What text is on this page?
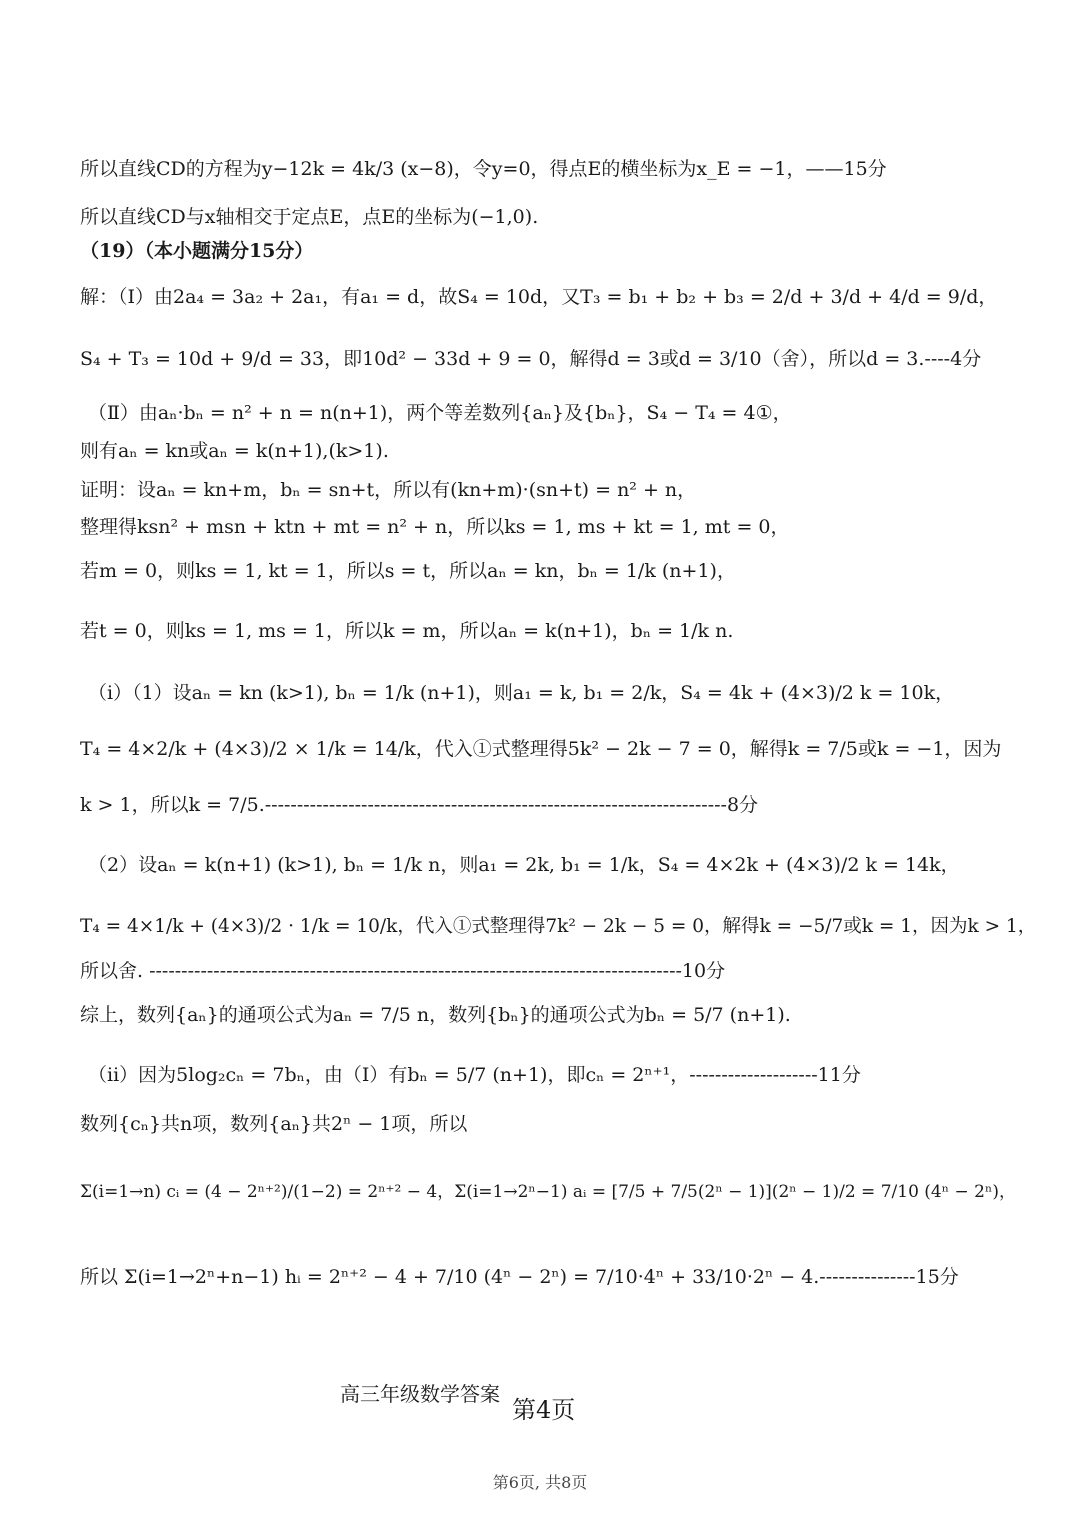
所以直线CD的方程为y−12k = 4k/3 (x−8)，令y=0，得点E的横坐标为x_E = −1，——15分
所以直线CD与x轴相交于定点E，点E的坐标为(−1,0).
（19）（本小题满分15分）
解：（Ⅰ）由2a₄ = 3a₂ + 2a₁，有a₁ = d，故S₄ = 10d，又T₃ = b₁ + b₂ + b₃ = 2/d + 3/d + 4/d = 9/d，
S₄ + T₃ = 10d + 9/d = 33，即10d² − 33d + 9 = 0，解得d = 3或d = 3/10（舍），所以d = 3.----4分
（Ⅱ）由aₙ·bₙ = n² + n = n(n+1)，两个等差数列{aₙ}及{bₙ}，S₄ − T₄ = 4①，
则有aₙ = kn或aₙ = k(n+1),(k>1).
证明：设aₙ = kn+m，bₙ = sn+t，所以有(kn+m)·(sn+t) = n² + n，
整理得ksn² + msn + ktn + mt = n² + n，所以ks = 1, ms + kt = 1, mt = 0，
若m = 0，则ks = 1, kt = 1，所以s = t，所以aₙ = kn，bₙ = 1/k (n+1)，
若t = 0，则ks = 1, ms = 1，所以k = m，所以aₙ = k(n+1)，bₙ = 1/k n.
（i）（1）设aₙ = kn (k>1), bₙ = 1/k (n+1)，则a₁ = k, b₁ = 2/k，S₄ = 4k + (4×3)/2 k = 10k，
T₄ = 4×2/k + (4×3)/2 × 1/k = 14/k，代入①式整理得5k² − 2k − 7 = 0，解得k = 7/5或k = −1，因为
k > 1，所以k = 7/5.------------------------------------------------------------------------8分
（2）设aₙ = k(n+1) (k>1), bₙ = 1/k n，则a₁ = 2k, b₁ = 1/k，S₄ = 4×2k + (4×3)/2 k = 14k，
T₄ = 4×1/k + (4×3)/2 · 1/k = 10/k，代入①式整理得7k² − 2k − 5 = 0，解得k = −5/7或k = 1，因为k > 1，
所以舍. -----------------------------------------------------------------------------------10分
综上，数列{aₙ}的通项公式为aₙ = 7/5 n，数列{bₙ}的通项公式为bₙ = 5/7 (n+1).
（ii）因为5log₂cₙ = 7bₙ，由（Ⅰ）有bₙ = 5/7 (n+1)，即cₙ = 2ⁿ⁺¹，--------------------11分
数列{cₙ}共n项，数列{aₙ}共2ⁿ − 1项，所以
Σ(i=1→n) cᵢ = (4 − 2ⁿ⁺²)/(1−2) = 2ⁿ⁺² − 4，Σ(i=1→2ⁿ−1) aᵢ = [7/5 + 7/5(2ⁿ − 1)](2ⁿ − 1)/2 = 7/10 (4ⁿ − 2ⁿ)，
所以 Σ(i=1→2ⁿ+n−1) hᵢ = 2ⁿ⁺² − 4 + 7/10 (4ⁿ − 2ⁿ) = 7/10·4ⁿ + 33/10·2ⁿ − 4.---------------15分
高三年级数学答案
第4页
第6页, 共8页
